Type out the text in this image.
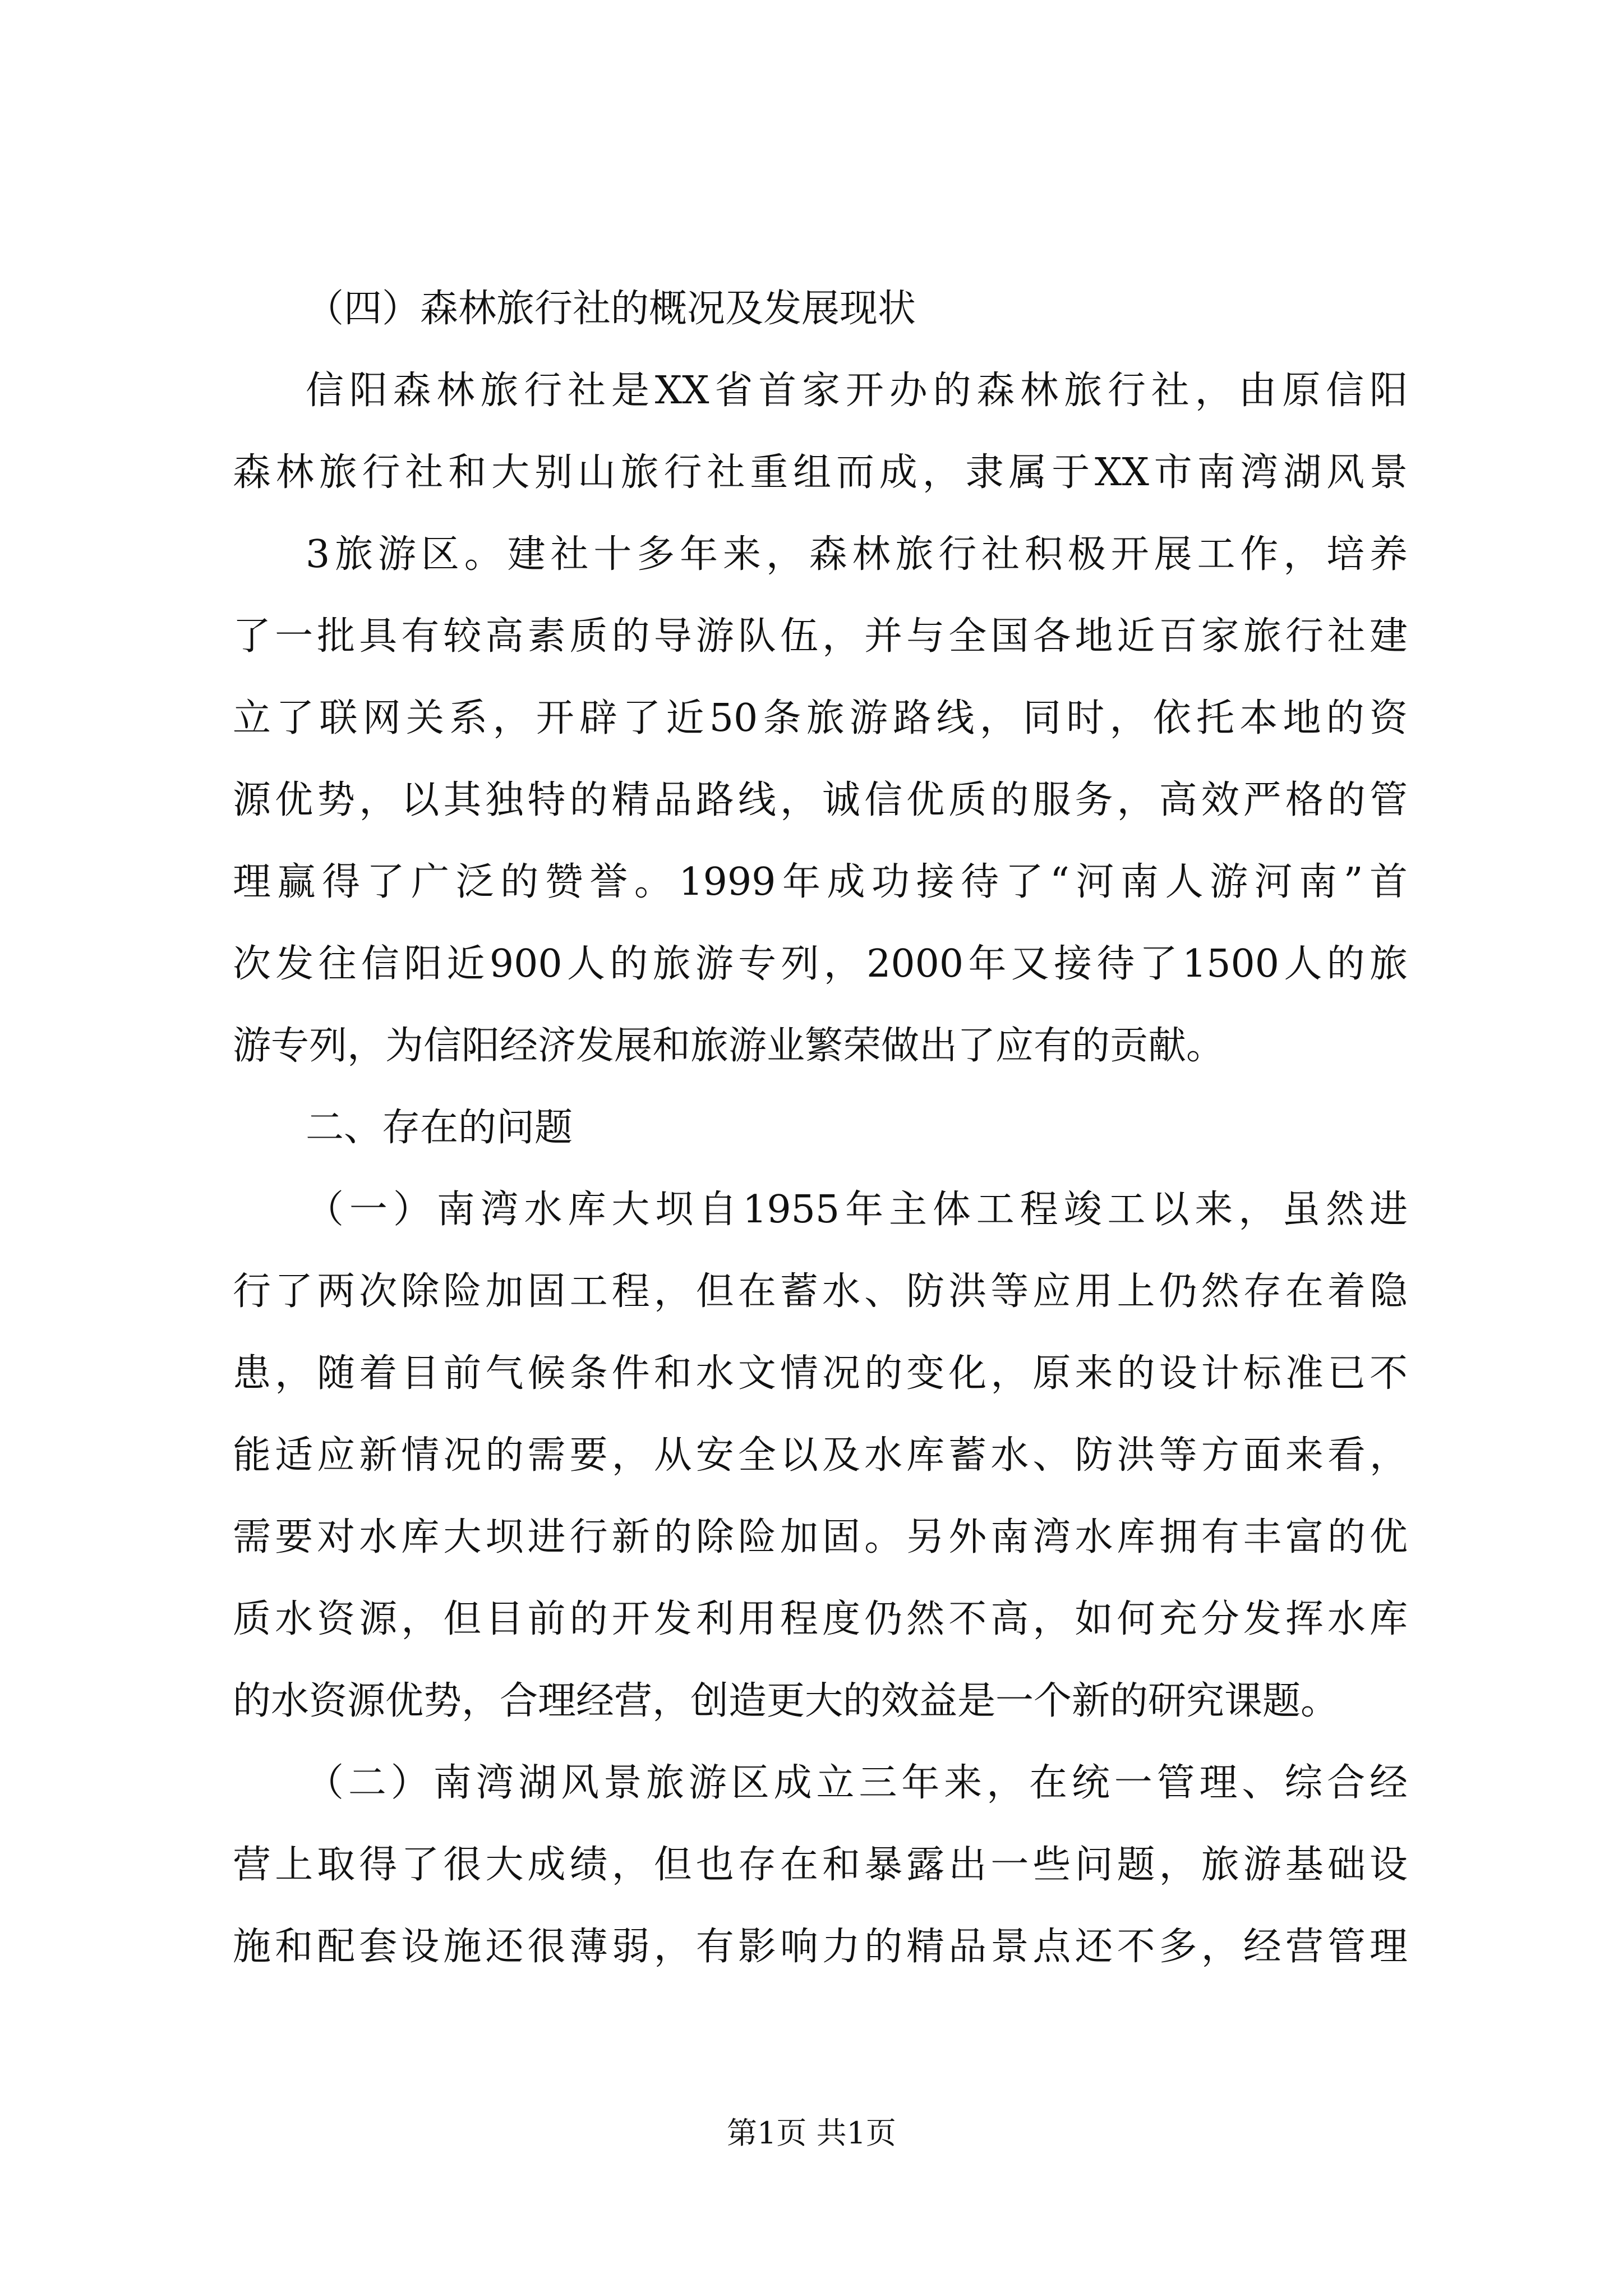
（四）森林旅行社的概况及发展现状
信阳森林旅行社是XX省首家开办的森林旅行社，由原信阳
森林旅行社和大别山旅行社重组而成，隶属于XX市南湾湖风景
3旅游区。建社十多年来，森林旅行社积极开展工作，培养
了一批具有较高素质的导游队伍，并与全国各地近百家旅行社建
立了联网关系，开辟了近50条旅游路线，同时，依托本地的资
源优势，以其独特的精品路线，诚信优质的服务，高效严格的管
理赢得了广泛的赞誉。1999年成功接待了“河南人游河南”首
次发往信阳近900人的旅游专列，2000年又接待了1500人的旅
游专列，为信阳经济发展和旅游业繁荣做出了应有的贡献。
二、存在的问题
（一）南湾水库大坝自1955年主体工程竣工以来，虽然进
行了两次除险加固工程，但在蓄水、防洪等应用上仍然存在着隐
患，随着目前气候条件和水文情况的变化，原来的设计标准已不
能适应新情况的需要，从安全以及水库蓄水、防洪等方面来看，
需要对水库大坝进行新的除险加固。另外南湾水库拥有丰富的优
质水资源，但目前的开发利用程度仍然不高，如何充分发挥水库
的水资源优势，合理经营，创造更大的效益是一个新的研究课题。
（二）南湾湖风景旅游区成立三年来，在统一管理、综合经
营上取得了很大成绩，但也存在和暴露出一些问题，旅游基础设
施和配套设施还很薄弱，有影响力的精品景点还不多，经营管理
第1页 共1页
